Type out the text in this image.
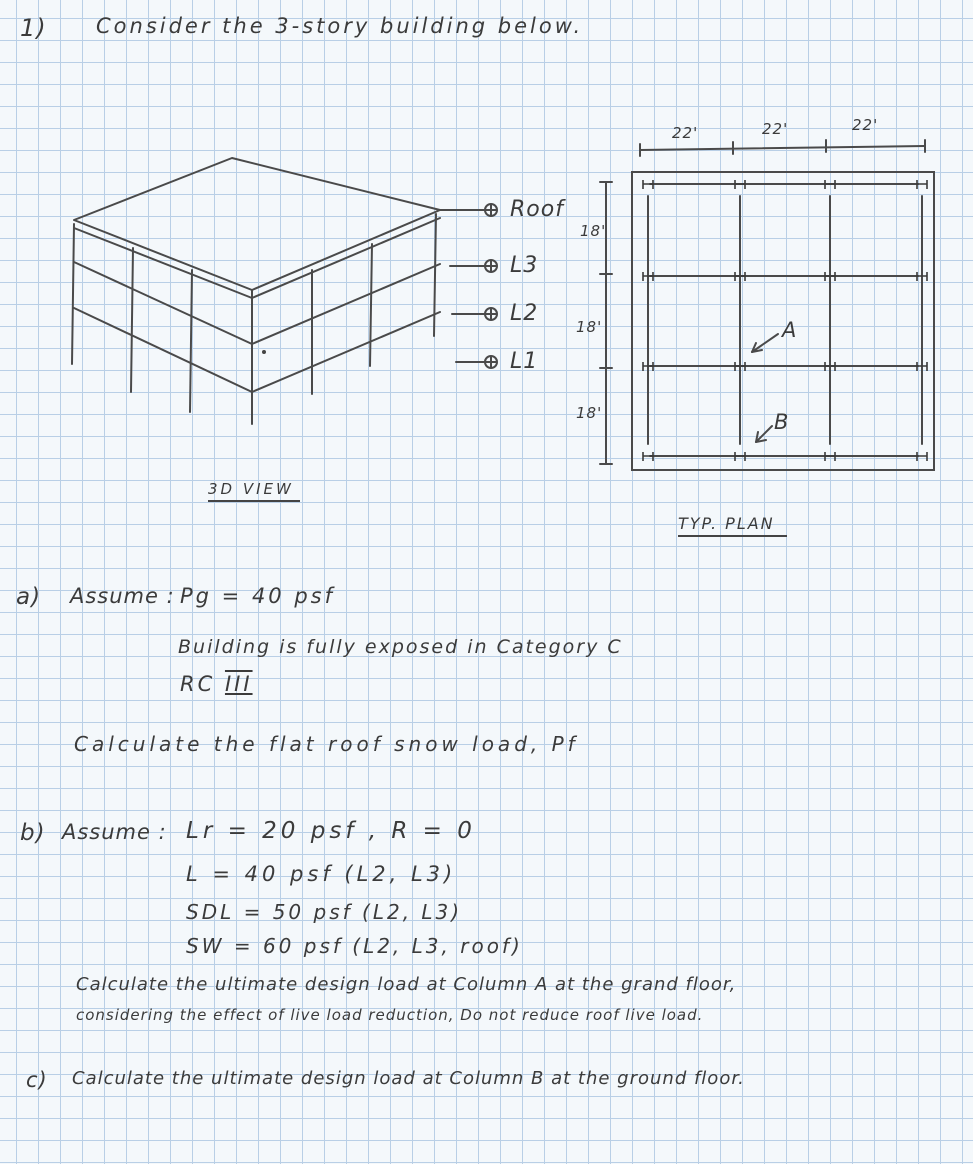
1) Consider the 3-story building below.
Roof
L3
L2
L1
3D VIEW
22'	22'	22'
18'
18'
18'
A
B
TYP. PLAN
a) Assume : Pg = 40 psf
Building is fully exposed in Category C
RC III
Calculate the flat roof snow load, Pf
b) Assume : Lr = 20 psf , R = 0
L = 40 psf (L2, L3)
SDL = 50 psf (L2, L3)
SW = 60 psf (L2, L3, roof)
Calculate the ultimate design load at Column A at the grand floor,
considering the effect of live load reduction, Do not reduce roof live load.
c) Calculate the ultimate design load at Column B at the ground floor.
